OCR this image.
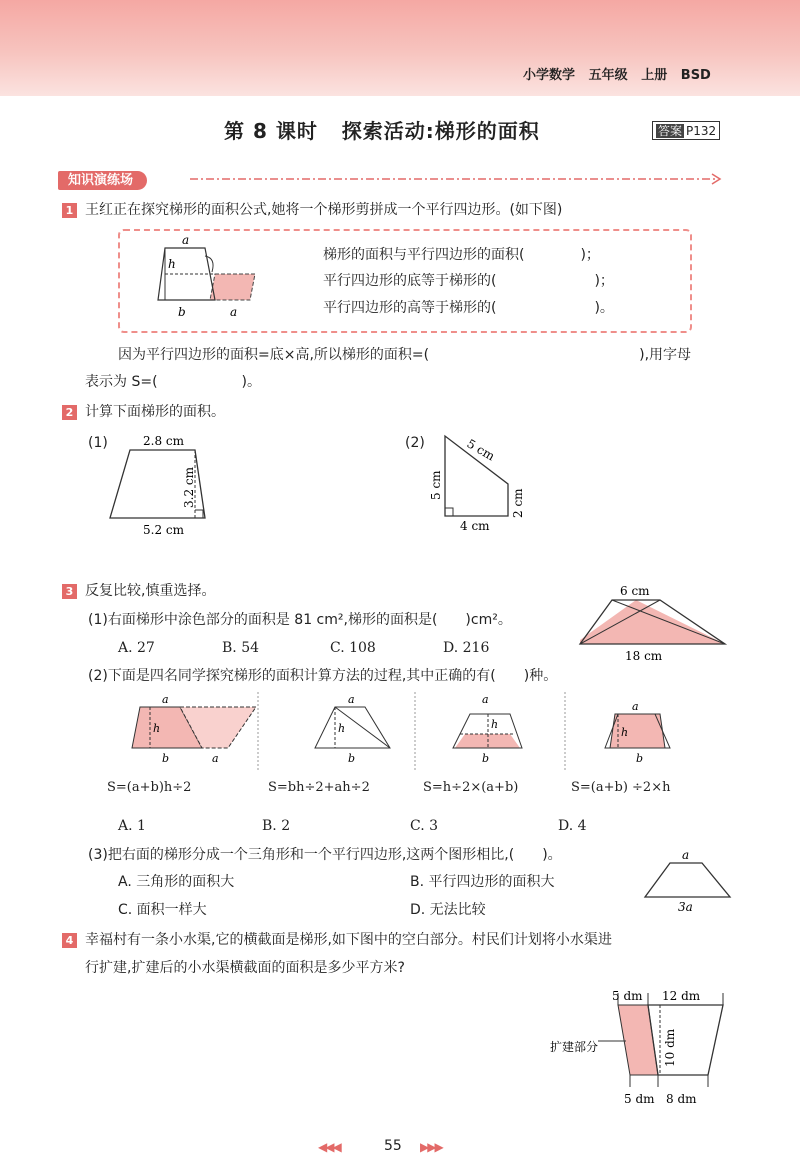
小学数学 五年级 上册 BSD
第 8 课时 探索活动:梯形的面积	答案 P132
知识演练场
1 王红正在探究梯形的面积公式,她将一个梯形剪拼成一个平行四边形。(如下图)
a
h
b	a
梯形的面积与平行四边形的面积(　　　　)；
平行四边形的底等于梯形的(　　　　　　　)；
平行四边形的高等于梯形的(　　　　　　　)。
因为平行四边形的面积=底×高,所以梯形的面积=(　　　　　　　　　　　　　　　),用字母
表示为 S=(　　　　　　)。
2 计算下面梯形的面积。
(1)	2.8 cm
3.2 cm
5.2 cm
(2)	5 cm
5 cm
2 cm
4 cm
3 反复比较,慎重选择。
(1)右面梯形中涂色部分的面积是 81 cm²,梯形的面积是(　　)cm²。
A. 27	B. 54	C. 108	D. 216
6 cm
18 cm
(2)下面是四名同学探究梯形的面积计算方法的过程,其中正确的有(　　)种。
a
h
b	a
a
h
b
a
h
b
a
h
b
S=(a+b)h÷2	S=bh÷2+ah÷2	S=h÷2×(a+b)	S=(a+b) ÷2×h
A. 1	B. 2	C. 3	D. 4
(3)把右面的梯形分成一个三角形和一个平行四边形,这两个图形相比,(　　)。
A. 三角形的面积大	B. 平行四边形的面积大
C. 面积一样大	D. 无法比较
a
3a
4 幸福村有一条小水渠,它的横截面是梯形,如下图中的空白部分。村民们计划将小水渠进
行扩建,扩建后的小水渠横截面的面积是多少平方米?
5 dm 12 dm
10 dm
5 dm 8 dm
扩建部分
◀◀◀	55 ▶▶▶
